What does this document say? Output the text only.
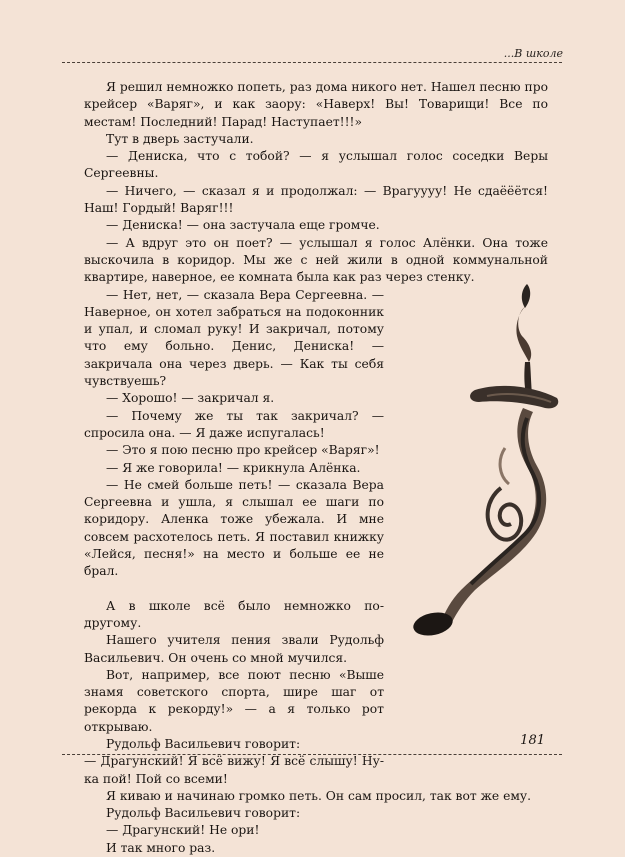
...В школе

Я решил немножко попеть, раз дома никого нет. Нашел песню про крейсер «Варяг», и как заору: «Наверх! Вы! Товарищи! Все по местам! Последний! Парад! Наступает!!!»

Тут в дверь застучали.

— Дениска, что с тобой? — я услышал голос соседки Веры Сергеевны.

— Ничего, — сказал я и продолжал: — Врагуууу! Не сдаёёётся! Наш! Гордый! Варяг!!!

— Дениска! — она застучала еще громче.

— А вдруг это он поет? — услышал я голос Алёнки. Она тоже выскочила в коридор. Мы же с ней жили в одной коммунальной квартире, наверное, ее комната была как раз через стенку.

— Нет, нет, — сказала Вера Сергеевна. — Наверное, он хотел забраться на подоконник и упал, и сломал руку! И закричал, потому что ему больно. Денис, Дениска! — закричала она через дверь. — Как ты себя чувствуешь?

— Хорошо! — закричал я.

— Почему же ты так закричал? — спросила она. — Я даже испугалась!

— Это я пою песню про крейсер «Варяг»!

— Я же говорила! — крикнула Алёнка.

— Не смей больше петь! — сказала Вера Сергеевна и ушла, я слышал ее шаги по коридору. Аленка тоже убежала. И мне совсем расхотелось петь. Я поставил книжку «Лейся, песня!» на место и больше ее не брал.

А в школе всё было немножко по-другому.

Нашего учителя пения звали Рудольф Васильевич. Он очень со мной мучился.

Вот, например, все поют песню «Выше знамя советского спорта, шире шаг от рекорда к рекорду!» — а я только рот открываю.

Рудольф Васильевич говорит:

— Драгунский! Я всё вижу! Я всё слышу! Ну-ка пой! Пой со всеми!

Я киваю и начинаю громко петь. Он сам просил, так вот же ему.

Рудольф Васильевич говорит:

— Драгунский! Не ори!

И так много раз.

181
